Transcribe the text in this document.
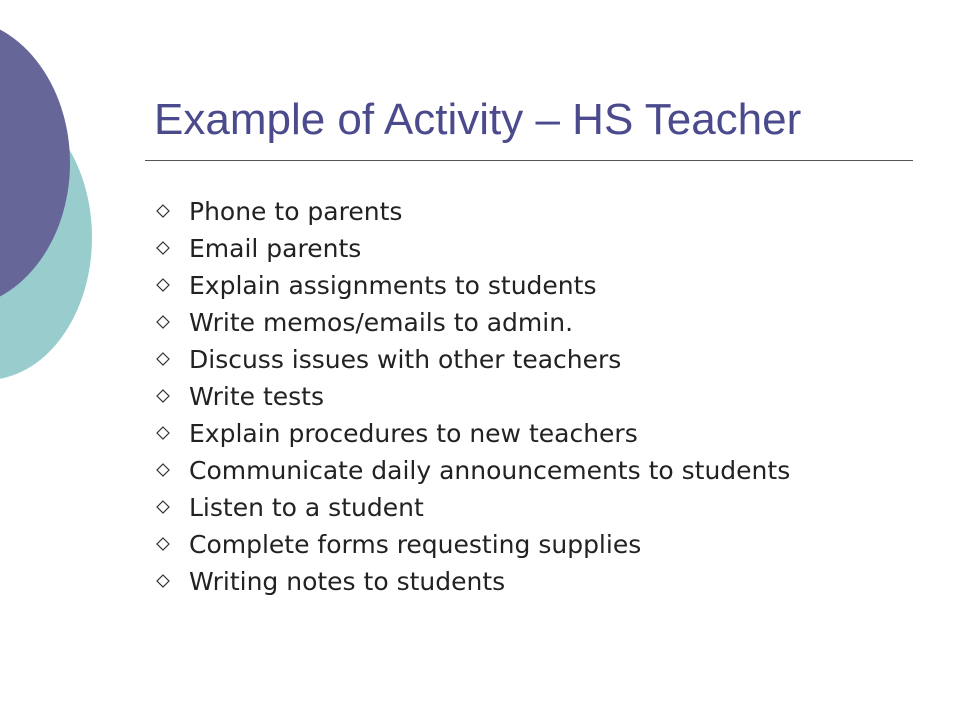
Example of Activity – HS Teacher
Phone to parents
Email parents
Explain assignments to students
Write memos/emails to admin.
Discuss issues with other teachers
Write tests
Explain procedures to new teachers
Communicate daily announcements to students
Listen to a student
Complete forms requesting supplies
Writing notes to students
